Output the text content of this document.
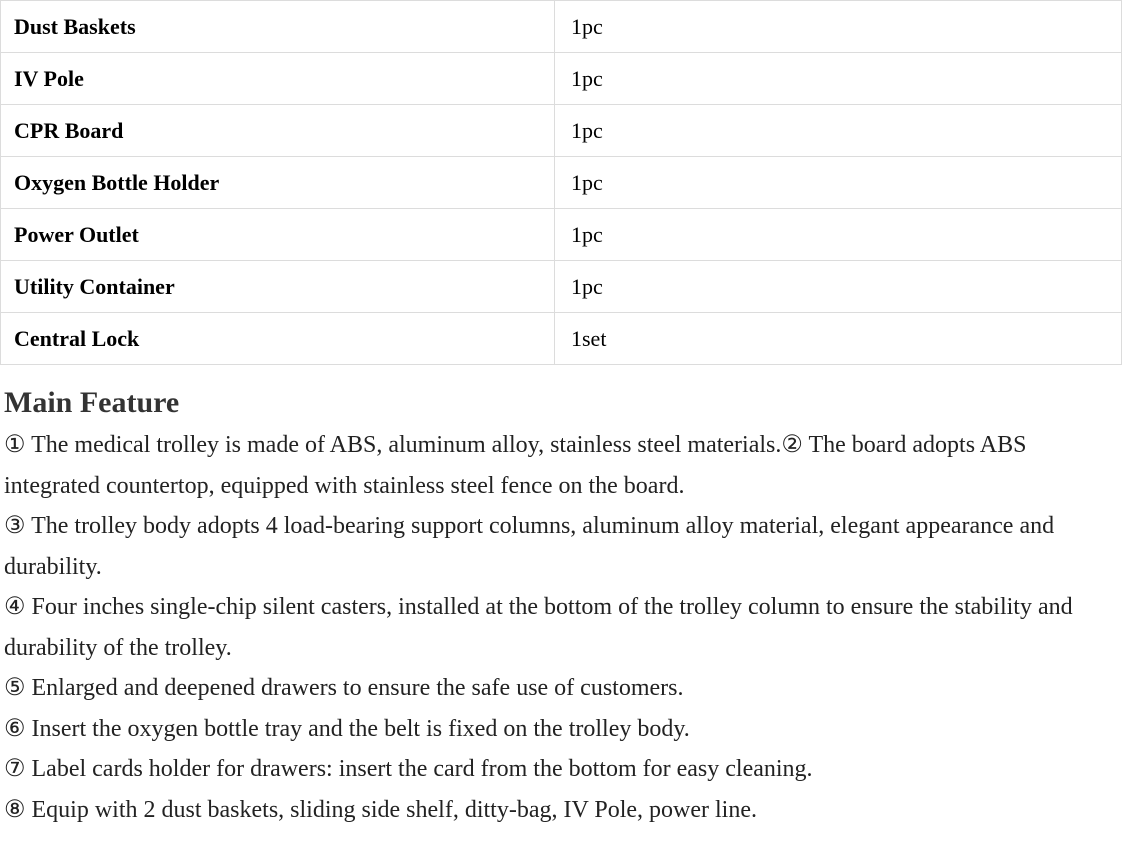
Dust Baskets	1pc
IV Pole	1pc
CPR Board	1pc
Oxygen Bottle Holder	1pc
Power Outlet	1pc
Utility Container	1pc
Central Lock	1set
Main Feature

① The medical trolley is made of ABS, aluminum alloy, stainless steel materials.② The board adopts ABS integrated countertop, equipped with stainless steel fence on the board.

③ The trolley body adopts 4 load-bearing support columns, aluminum alloy material, elegant appearance and durability.

④ Four inches single-chip silent casters, installed at the bottom of the trolley column to ensure the stability and durability of the trolley.

⑤ Enlarged and deepened drawers to ensure the safe use of customers.

⑥ Insert the oxygen bottle tray and the belt is fixed on the trolley body.

⑦ Label cards holder for drawers: insert the card from the bottom for easy cleaning.

⑧ Equip with 2 dust baskets, sliding side shelf, ditty-bag, IV Pole, power line.
